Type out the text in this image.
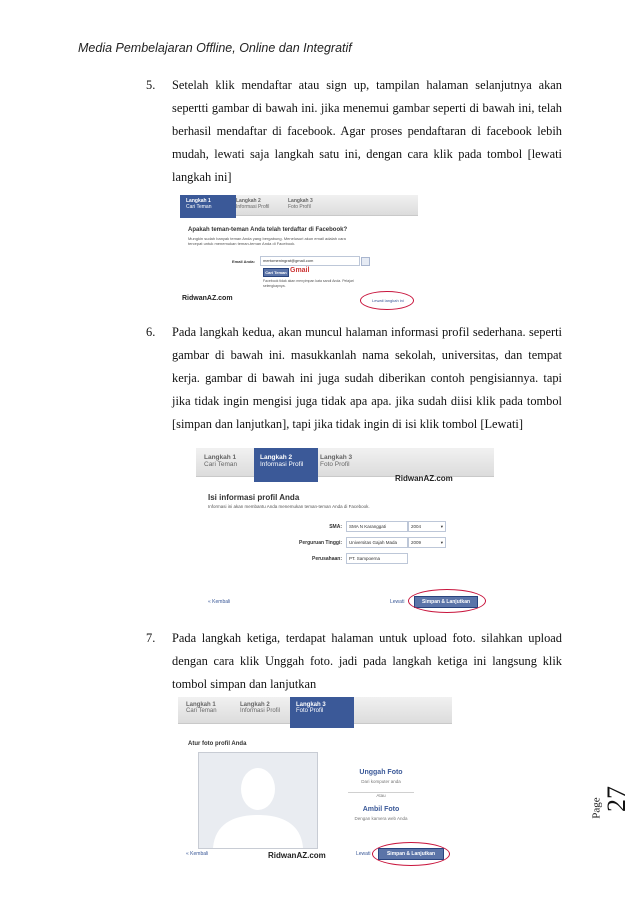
Media Pembelajaran Offline, Online dan Integratif
Page 27
5. Setelah klik mendaftar atau sign up, tampilan halaman selanjutnya akan sepertti gambar di bawah ini. jika menemui gambar seperti di bawah ini, telah berhasil mendaftar di facebook. Agar proses pendaftaran di facebook lebih mudah, lewati saja langkah satu ini, dengan cara klik pada tombol [lewati langkah ini]
Langkah 1
Cari Teman
Langkah 2
Informasi Profil
Langkah 3
Foto Profil
Apakah teman-teman Anda telah terdaftar di Facebook?
Mungkin sudah banyak teman Anda yang bergabung. Menelusuri akun email adalah cara tercepat untuk menemukan teman-teman Anda di Facebook.
Email Anda:	mertomeningrat@gmail.com
Cari Teman Gmail
Facebook tidak akan menyimpan kata sandi Anda. Pelajari selengkapnya.
RidwanAZ.com	Lewati langkah ini
6. Pada langkah kedua, akan muncul halaman informasi profil sederhana. seperti gambar di bawah ini. masukkanlah nama sekolah, universitas, dan tempat kerja. gambar di bawah ini juga sudah diberikan contoh pengisiannya. tapi jika tidak ingin mengisi juga tidak apa apa. jika sudah diisi klik pada tombol [simpan dan lanjutkan], tapi jika tidak ingin di isi klik tombol [Lewati]
Langkah 1
Cari Teman
Langkah 2
Informasi Profil
Langkah 3
Foto Profil
RidwanAZ.com
Isi informasi profil Anda
Informasi ini akan membantu Anda menemukan teman-teman Anda di Facebook.
SMA:	SMA N Karanggati	2004	▾
Perguruan Tinggi:	Universitas Gajah Mada	2009	▾
Perusahaan:	PT. Sampoerna
« Kembali	Lewati	Simpan & Lanjutkan
7. Pada langkah ketiga, terdapat halaman untuk upload foto. silahkan upload dengan cara klik Unggah foto. jadi pada langkah ketiga ini langsung klik tombol simpan dan lanjutkan
Langkah 1
Cari Teman
Langkah 2
Informasi Profil
Langkah 3
Foto Profil
Atur foto profil Anda
Unggah Foto
Dari komputer anda
Atau
Ambil Foto
Dengan kamera web Anda
« Kembali	RidwanAZ.com	Lewati	Simpan & Lanjutkan
